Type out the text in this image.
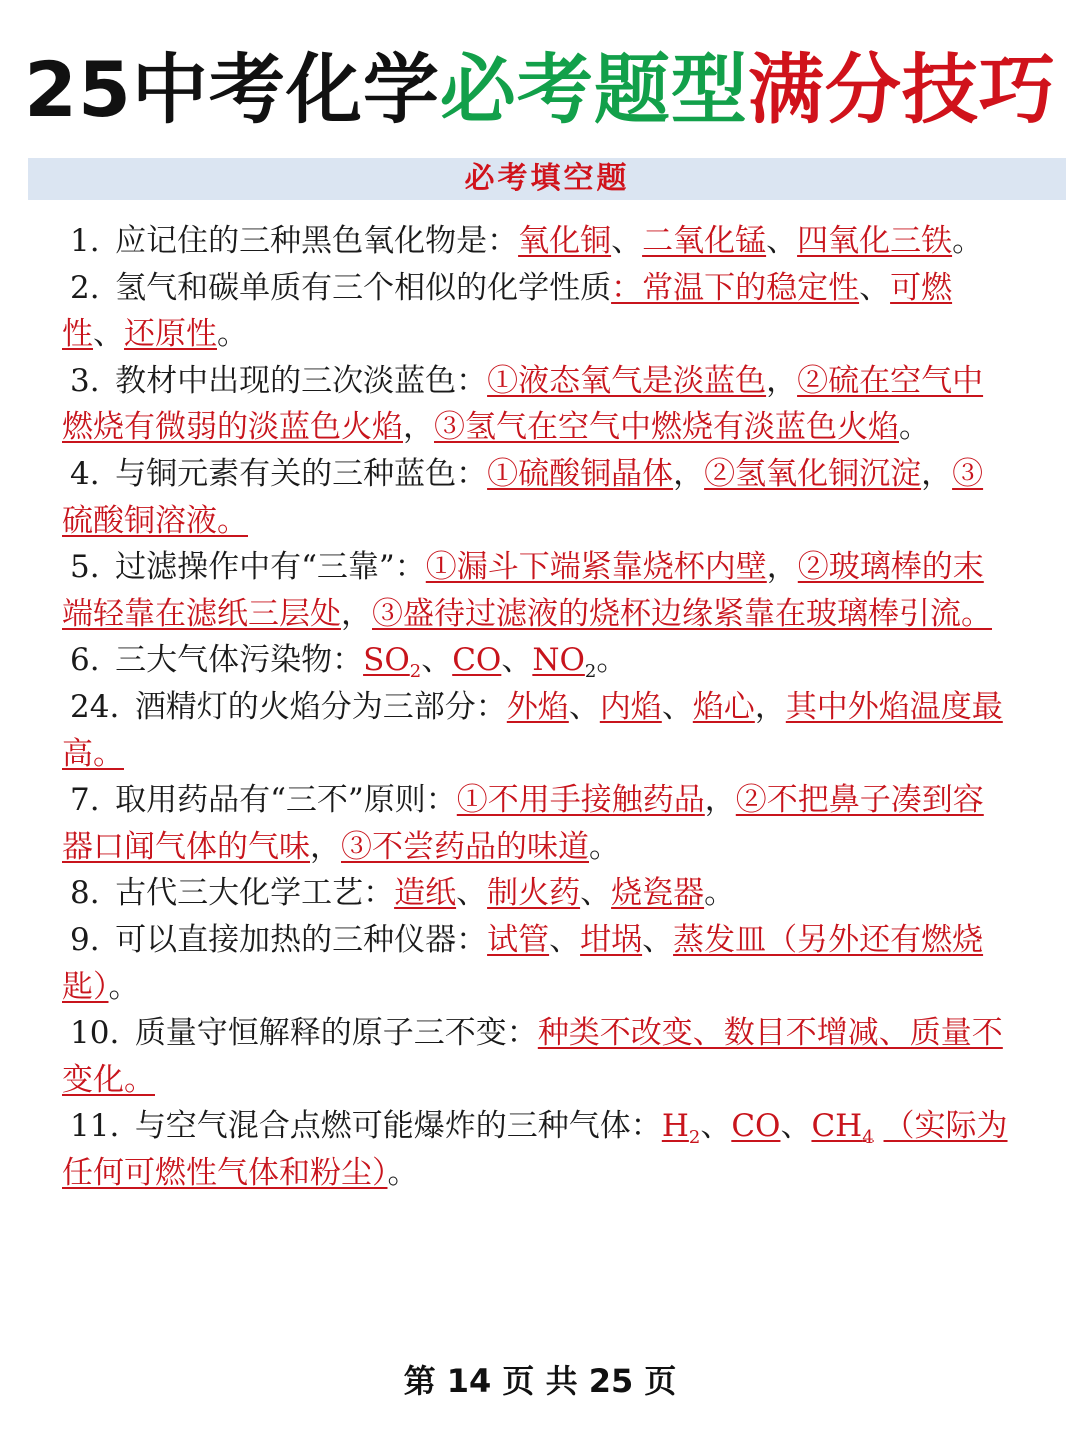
25中考化学必考题型满分技巧
必考填空题

1.  应记住的三种黑色氧化物是：氧化铜、二氧化锰、四氧化三铁。

2.  氢气和碳单质有三个相似的化学性质：常温下的稳定性、可燃性、还原性。

3.  教材中出现的三次淡蓝色：①液态氧气是淡蓝色，②硫在空气中燃烧有微弱的淡蓝色火焰，③氢气在空气中燃烧有淡蓝色火焰。

4.  与铜元素有关的三种蓝色：①硫酸铜晶体，②氢氧化铜沉淀，③硫酸铜溶液。

5.  过滤操作中有“三靠”：①漏斗下端紧靠烧杯内壁，②玻璃棒的末端轻靠在滤纸三层处，③盛待过滤液的烧杯边缘紧靠在玻璃棒引流。

6.  三大气体污染物：$SO_2$、CO、$NO_2$。

24.  酒精灯的火焰分为三部分：外焰、内焰、焰心，其中外焰温度最高。

7.  取用药品有“三不”原则：①不用手接触药品，②不把鼻子凑到容器口闻气体的气味，③不尝药品的味道。

8.  古代三大化学工艺：造纸、制火药、烧瓷器。

9.  可以直接加热的三种仪器：试管、坩埚、蒸发皿（另外还有燃烧匙）。

10.  质量守恒解释的原子三不变：种类不改变、数目不增减、质量不变化。

11.  与空气混合点燃可能爆炸的三种气体：$H_2$、CO、$CH_4$ （实际为任何可燃性气体和粉尘）。

第 14 页 共 25 页
